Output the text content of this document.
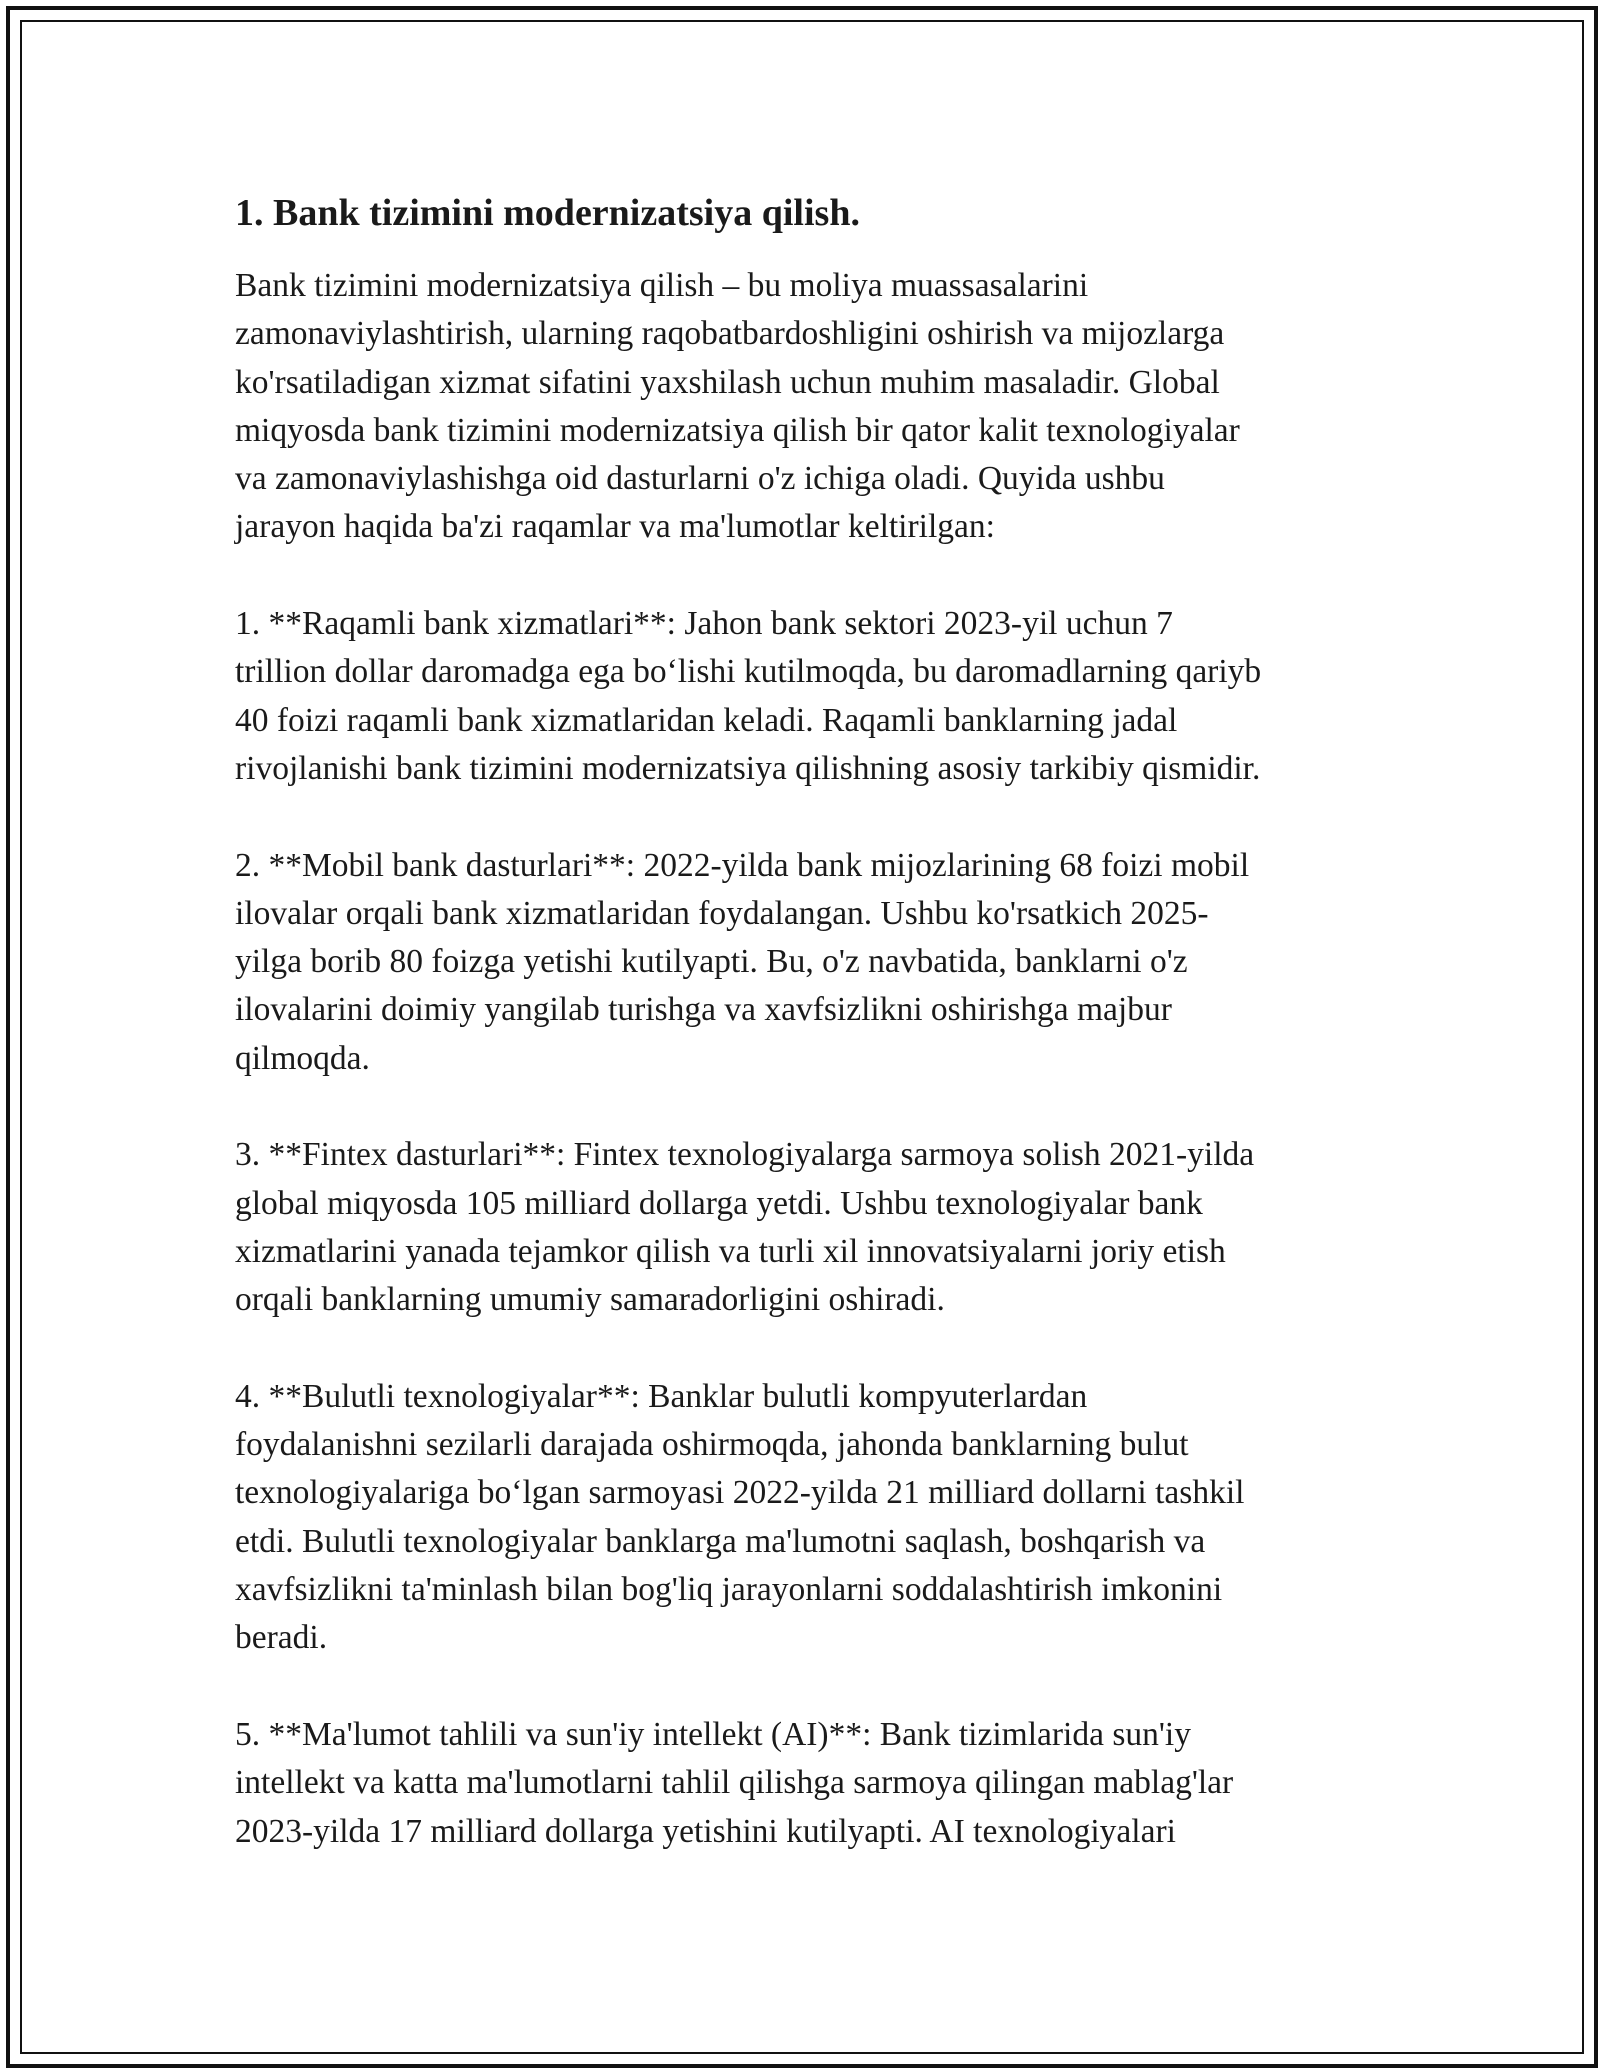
1. Bank tizimini modernizatsiya qilish.

Bank tizimini modernizatsiya qilish – bu moliya muassasalarini
zamonaviylashtirish, ularning raqobatbardoshligini oshirish va mijozlarga
ko'rsatiladigan xizmat sifatini yaxshilash uchun muhim masaladir. Global
miqyosda bank tizimini modernizatsiya qilish bir qator kalit texnologiyalar
va zamonaviylashishga oid dasturlarni o'z ichiga oladi. Quyida ushbu
jarayon haqida ba'zi raqamlar va ma'lumotlar keltirilgan:

1. **Raqamli bank xizmatlari**: Jahon bank sektori 2023-yil uchun 7
trillion dollar daromadga ega bo‘lishi kutilmoqda, bu daromadlarning qariyb
40 foizi raqamli bank xizmatlaridan keladi. Raqamli banklarning jadal
rivojlanishi bank tizimini modernizatsiya qilishning asosiy tarkibiy qismidir.

2. **Mobil bank dasturlari**: 2022-yilda bank mijozlarining 68 foizi mobil
ilovalar orqali bank xizmatlaridan foydalangan. Ushbu ko'rsatkich 2025-
yilga borib 80 foizga yetishi kutilyapti. Bu, o'z navbatida, banklarni o'z
ilovalarini doimiy yangilab turishga va xavfsizlikni oshirishga majbur
qilmoqda.

3. **Fintex dasturlari**: Fintex texnologiyalarga sarmoya solish 2021-yilda
global miqyosda 105 milliard dollarga yetdi. Ushbu texnologiyalar bank
xizmatlarini yanada tejamkor qilish va turli xil innovatsiyalarni joriy etish
orqali banklarning umumiy samaradorligini oshiradi.

4. **Bulutli texnologiyalar**: Banklar bulutli kompyuterlardan
foydalanishni sezilarli darajada oshirmoqda, jahonda banklarning bulut
texnologiyalariga bo‘lgan sarmoyasi 2022-yilda 21 milliard dollarni tashkil
etdi. Bulutli texnologiyalar banklarga ma'lumotni saqlash, boshqarish va
xavfsizlikni ta'minlash bilan bog'liq jarayonlarni soddalashtirish imkonini
beradi.

5. **Ma'lumot tahlili va sun'iy intellekt (AI)**: Bank tizimlarida sun'iy
intellekt va katta ma'lumotlarni tahlil qilishga sarmoya qilingan mablag'lar
2023-yilda 17 milliard dollarga yetishini kutilyapti. AI texnologiyalari
